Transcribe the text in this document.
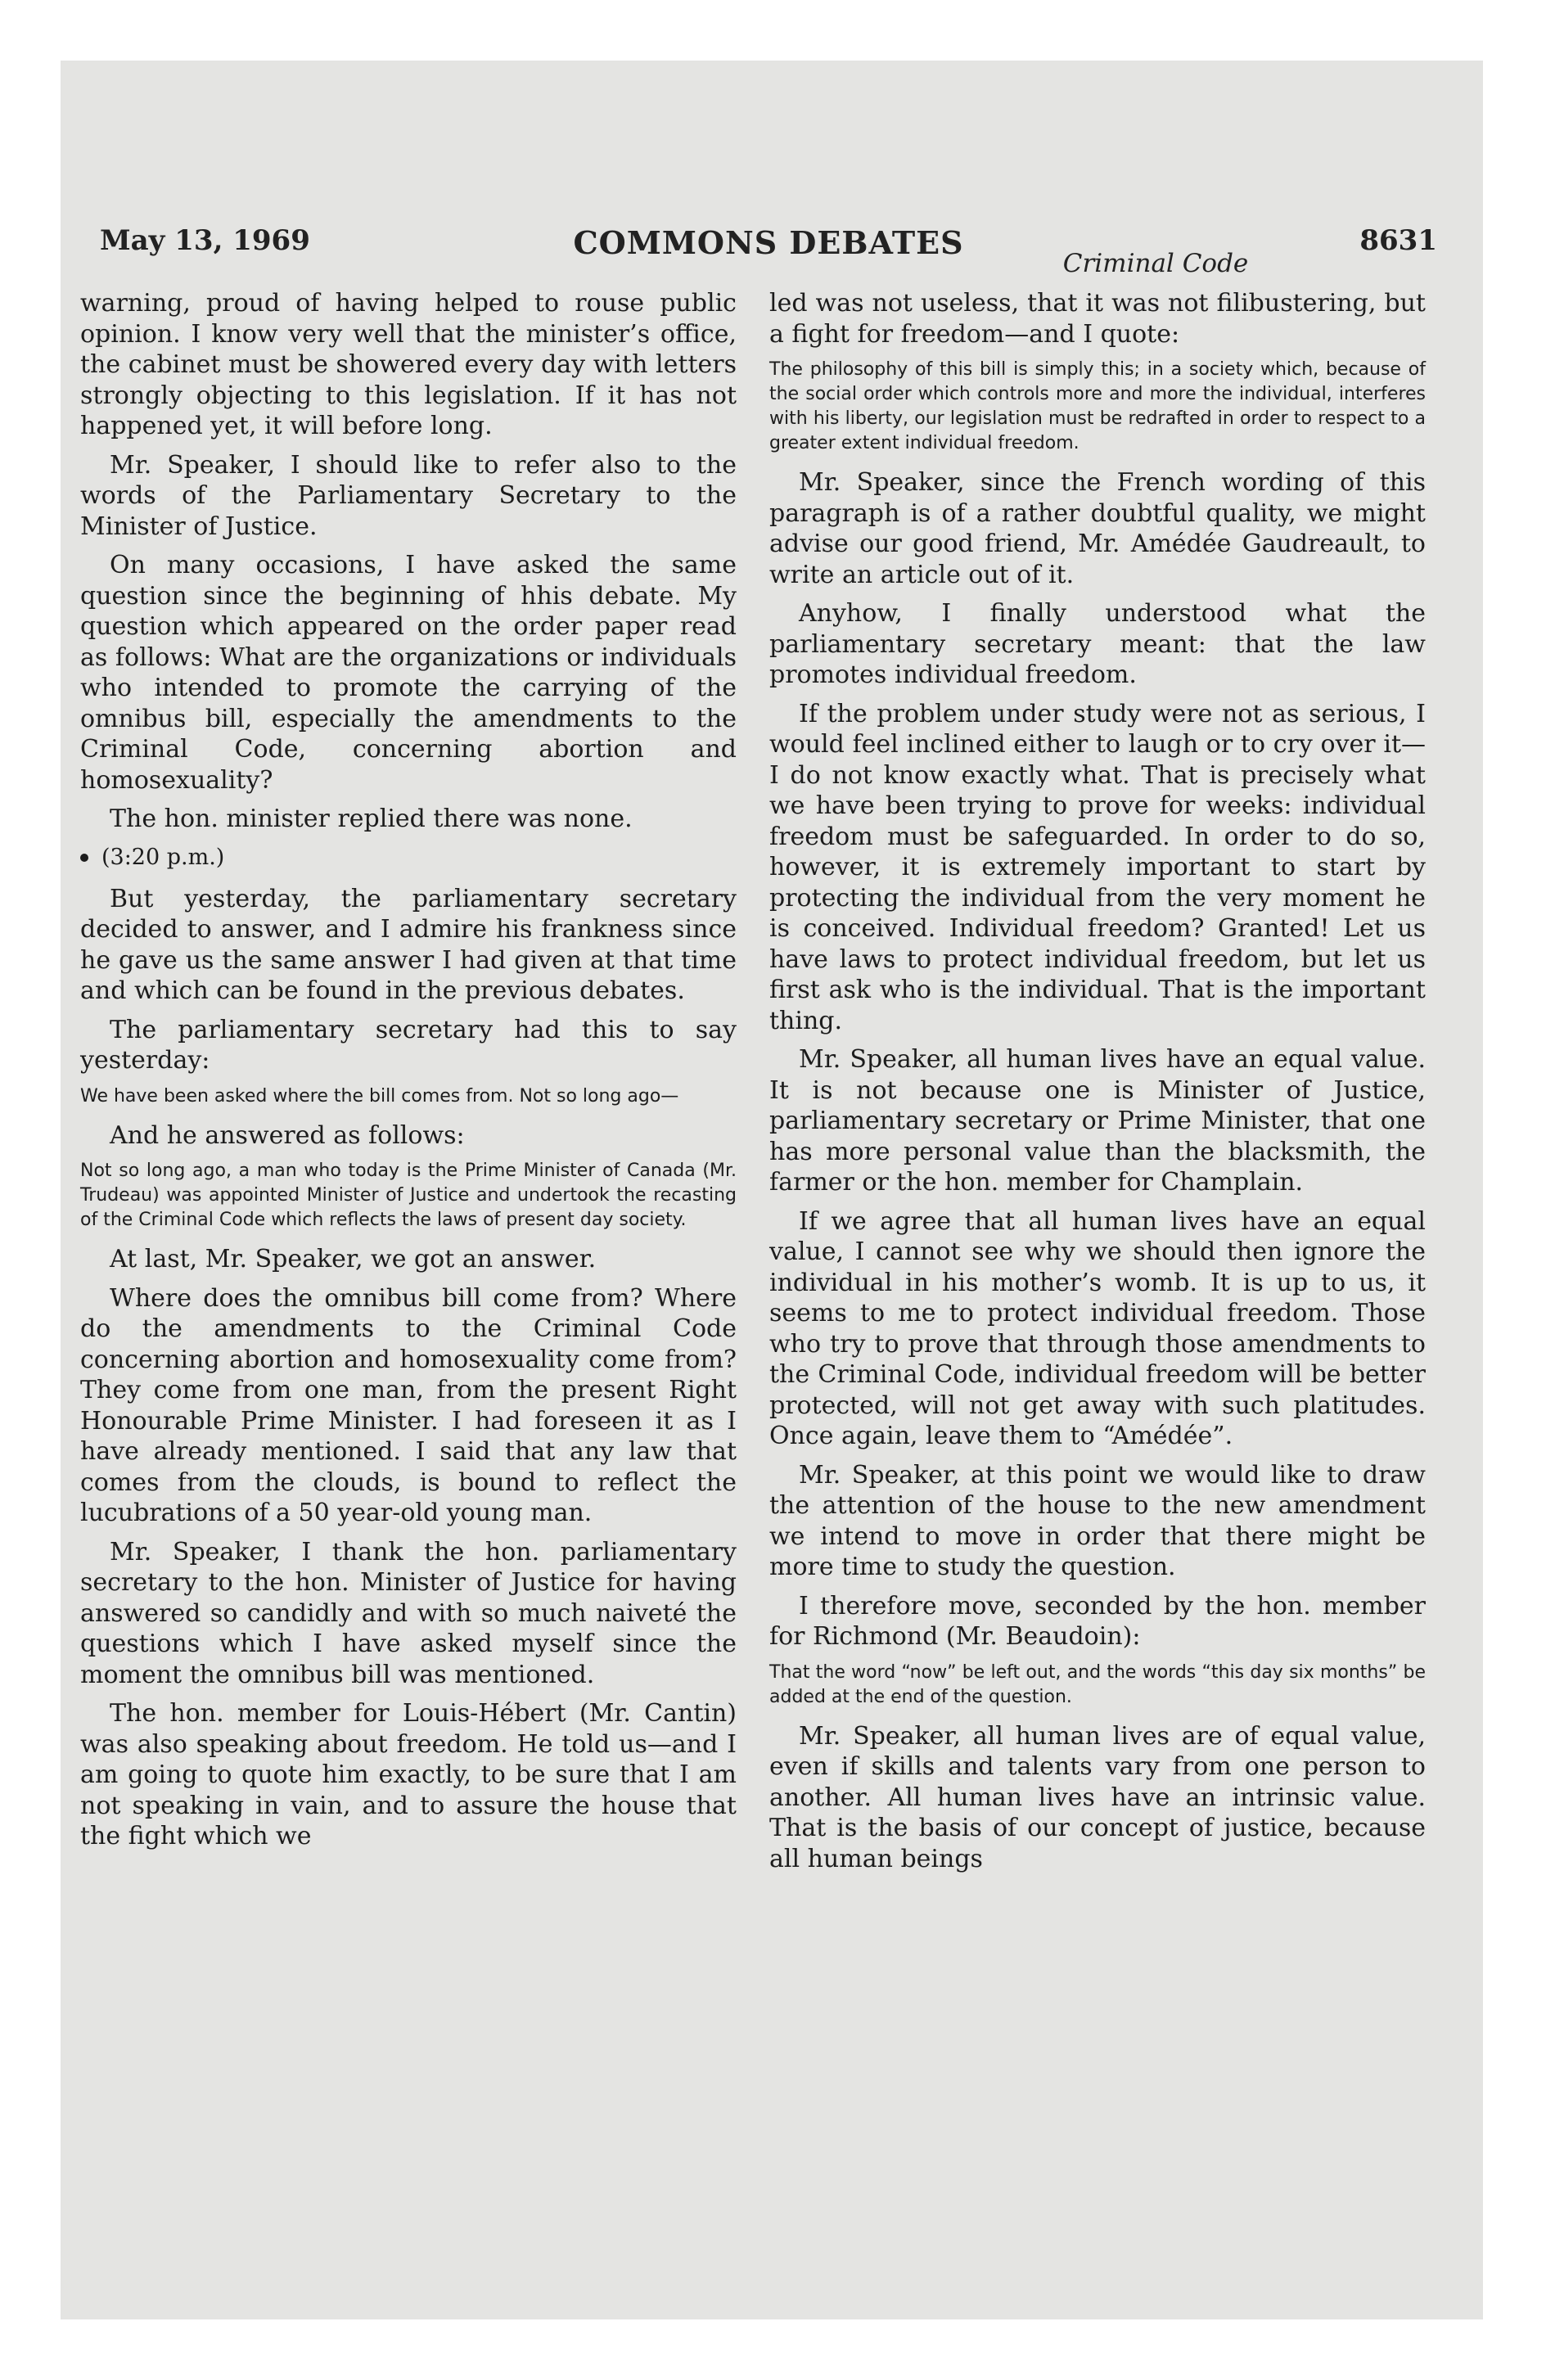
May 13, 1969	COMMONS DEBATES	8631
Criminal Code

warning, proud of having helped to rouse public opinion. I know very well that the minister’s office, the cabinet must be showered every day with letters strongly objecting to this legislation. If it has not happened yet, it will before long.

Mr. Speaker, I should like to refer also to the words of the Parliamentary Secretary to the Minister of Justice.

On many occasions, I have asked the same question since the beginning of hhis debate. My question which appeared on the order paper read as follows: What are the organizations or individuals who intended to promote the carrying of the omnibus bill, especially the amendments to the Criminal Code, concerning abortion and homosexuality?

The hon. minister replied there was none.

(3:20 p.m.)

But yesterday, the parliamentary secretary decided to answer, and I admire his frankness since he gave us the same answer I had given at that time and which can be found in the previous debates.

The parliamentary secretary had this to say yesterday:

We have been asked where the bill comes from. Not so long ago—

And he answered as follows:

Not so long ago, a man who today is the Prime Minister of Canada (Mr. Trudeau) was appointed Minister of Justice and undertook the recasting of the Criminal Code which reflects the laws of present day society.

At last, Mr. Speaker, we got an answer.

Where does the omnibus bill come from? Where do the amendments to the Criminal Code concerning abortion and homosexuality come from? They come from one man, from the present Right Honourable Prime Minister. I had foreseen it as I have already mentioned. I said that any law that comes from the clouds, is bound to reflect the lucubrations of a 50 year-old young man.

Mr. Speaker, I thank the hon. parliamentary secretary to the hon. Minister of Justice for having answered so candidly and with so much naiveté the questions which I have asked myself since the moment the omnibus bill was mentioned.

The hon. member for Louis-Hébert (Mr. Cantin) was also speaking about freedom. He told us—and I am going to quote him exactly, to be sure that I am not speaking in vain, and to assure the house that the fight which we

led was not useless, that it was not filibustering, but a fight for freedom—and I quote:

The philosophy of this bill is simply this; in a society which, because of the social order which controls more and more the individual, interferes with his liberty, our legislation must be redrafted in order to respect to a greater extent individual freedom.

Mr. Speaker, since the French wording of this paragraph is of a rather doubtful quality, we might advise our good friend, Mr. Amédée Gaudreault, to write an article out of it.

Anyhow, I finally understood what the parliamentary secretary meant: that the law promotes individual freedom.

If the problem under study were not as serious, I would feel inclined either to laugh or to cry over it—I do not know exactly what. That is precisely what we have been trying to prove for weeks: individual freedom must be safeguarded. In order to do so, however, it is extremely important to start by protecting the individual from the very moment he is conceived. Individual freedom? Granted! Let us have laws to protect individual freedom, but let us first ask who is the individual. That is the important thing.

Mr. Speaker, all human lives have an equal value. It is not because one is Minister of Justice, parliamentary secretary or Prime Minister, that one has more personal value than the blacksmith, the farmer or the hon. member for Champlain.

If we agree that all human lives have an equal value, I cannot see why we should then ignore the individual in his mother’s womb. It is up to us, it seems to me to protect individual freedom. Those who try to prove that through those amendments to the Criminal Code, individual freedom will be better protected, will not get away with such platitudes. Once again, leave them to “Amédée”.

Mr. Speaker, at this point we would like to draw the attention of the house to the new amendment we intend to move in order that there might be more time to study the question.

I therefore move, seconded by the hon. member for Richmond (Mr. Beaudoin):

That the word “now” be left out, and the words “this day six months” be added at the end of the question.

Mr. Speaker, all human lives are of equal value, even if skills and talents vary from one person to another. All human lives have an intrinsic value. That is the basis of our concept of justice, because all human beings
